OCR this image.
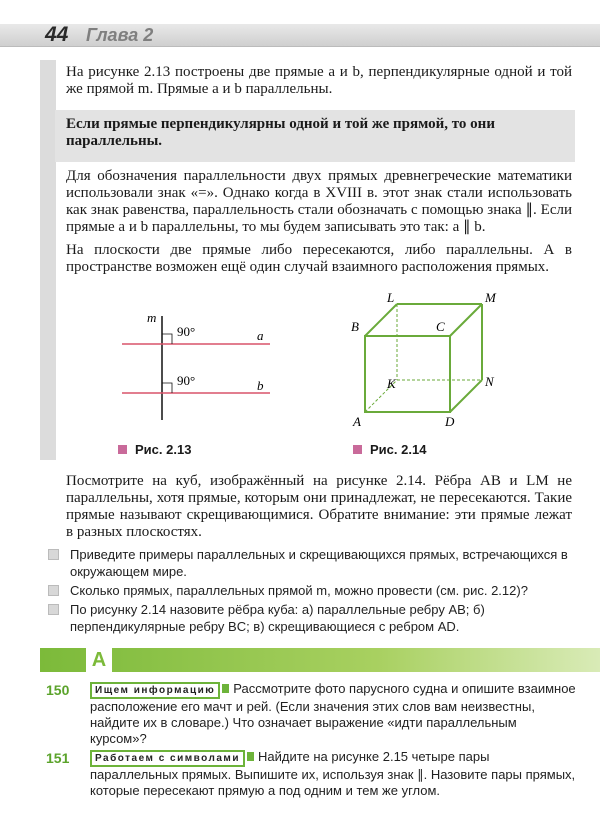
44 Глава 2
На рисунке 2.13 построены две прямые a и b, перпендикулярные одной и той же прямой m. Прямые a и b параллельны.
Если прямые перпендикулярны одной и той же прямой, то они параллельны.
Для обозначения параллельности двух прямых древнегреческие математики использовали знак «=». Однако когда в XVIII в. этот знак стали использовать как знак равенства, параллельность стали обозначать с помощью знака ∥. Если прямые a и b параллельны, то мы будем записывать это так: a ∥ b.
На плоскости две прямые либо пересекаются, либо параллельны. А в пространстве возможен ещё один случай взаимного расположения прямых.
m
90°
90°
a
b
Рис. 2.13
L	M
B	C
K	N
A	D
Рис. 2.14
Посмотрите на куб, изображённый на рисунке 2.14. Рёбра AB и LM не параллельны, хотя прямые, которым они принадлежат, не пересекаются. Такие прямые называют скрещивающимися. Обратите внимание: эти прямые лежат в разных плоскостях.
Приведите примеры параллельных и скрещивающихся прямых, встречающихся в окружающем мире.
Сколько прямых, параллельных прямой m, можно провести (см. рис. 2.12)?
По рисунку 2.14 назовите рёбра куба: а) параллельные ребру AB; б) перпендикулярные ребру BC; в) скрещивающиеся с ребром AD.
А
150	Ищем информацию Рассмотрите фото парусного судна и опишите взаимное расположение его мачт и рей. (Если значения этих слов вам неизвестны, найдите их в словаре.) Что означает выражение «идти параллельным курсом»?
151	Работаем с символами Найдите на рисунке 2.15 четыре пары параллельных прямых. Выпишите их, используя знак ∥. Назовите пары прямых, которые пересекают прямую a под одним и тем же углом.
